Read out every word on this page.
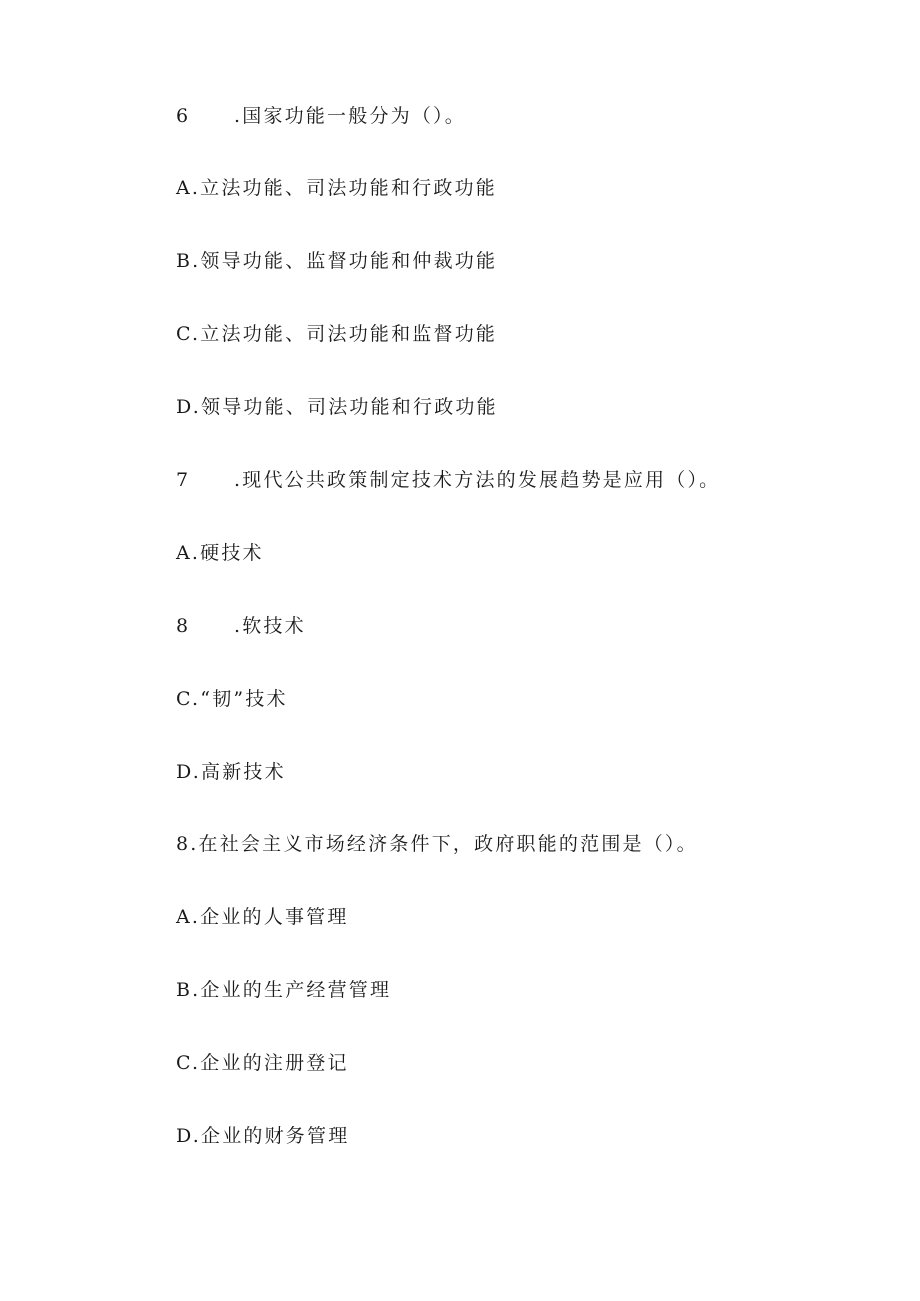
6 .国家功能一般分为（）。
A.立法功能、司法功能和行政功能
B.领导功能、监督功能和仲裁功能
C.立法功能、司法功能和监督功能
D.领导功能、司法功能和行政功能
7 .现代公共政策制定技术方法的发展趋势是应用（）。
A.硬技术
8 .软技术
C.“韧”技术
D.高新技术
8.在社会主义市场经济条件下，政府职能的范围是（）。
A.企业的人事管理
B.企业的生产经营管理
C.企业的注册登记
D.企业的财务管理
